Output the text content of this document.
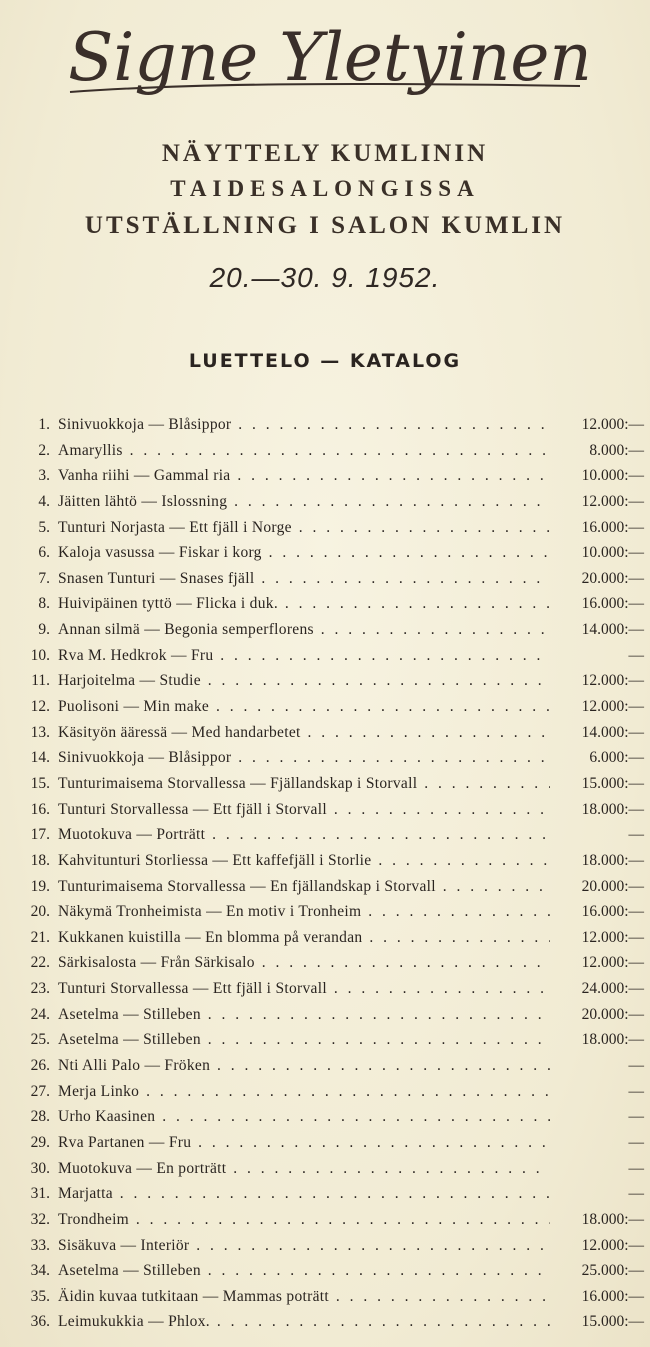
Signe Yletyinen
NÄYTTELY KUMLININ
TAIDESALONGISSA
UTSTÄLLNING I SALON KUMLIN
20.—30. 9. 1952.
LUETTELO — KATALOG
1. Sinivuokkoja — Blåsippor . . .	12.000:—
2. Amaryllis . . .	8.000:—
3. Vanha riihi — Gammal ria . . .	10.000:—
4. Jäitten lähtö — Islossning . . .	12.000:—
5. Tunturi Norjasta — Ett fjäll i Norge . . .	16.000:—
6. Kaloja vasussa — Fiskar i korg . . .	10.000:—
7. Snasen Tunturi — Snases fjäll . . .	20.000:—
8. Huivipäinen tyttö — Flicka i duk. . . .	16.000:—
9. Annan silmä — Begonia semperflorens . . .	14.000:—
10. Rva M. Hedkrok — Fru . . .	—
11. Harjoitelma — Studie . . .	12.000:—
12. Puolisoni — Min make . . .	12.000:—
13. Käsityön ääressä — Med handarbetet . . .	14.000:—
14. Sinivuokkoja — Blåsippor . . .	6.000:—
15. Tunturimaisema Storvallessa — Fjällandskap i Storvall . . .	15.000:—
16. Tunturi Storvallessa — Ett fjäll i Storvall . . .	18.000:—
17. Muotokuva — Porträtt . . .	—
18. Kahvitunturi Storliessa — Ett kaffefjäll i Storlie . . .	18.000:—
19. Tunturimaisema Storvallessa — En fjällandskap i Storvall . . .	20.000:—
20. Näkymä Tronheimista — En motiv i Tronheim . . .	16.000:—
21. Kukkanen kuistilla — En blomma på verandan . . .	12.000:—
22. Särkisalosta — Från Särkisalo . . .	12.000:—
23. Tunturi Storvallessa — Ett fjäll i Storvall . . .	24.000:—
24. Asetelma — Stilleben . . .	20.000:—
25. Asetelma — Stilleben . . .	18.000:—
26. Nti Alli Palo — Fröken . . .	—
27. Merja Linko . . .	—
28. Urho Kaasinen . . .	—
29. Rva Partanen — Fru . . .	—
30. Muotokuva — En porträtt . . .	—
31. Marjatta . . .	—
32. Trondheim . . .	18.000:—
33. Sisäkuva — Interiör . . .	12.000:—
34. Asetelma — Stilleben . . .	25.000:—
35. Äidin kuvaa tutkitaan — Mammas poträtt . . .	16.000:—
36. Leimukukkia — Phlox. . . .	15.000:—
